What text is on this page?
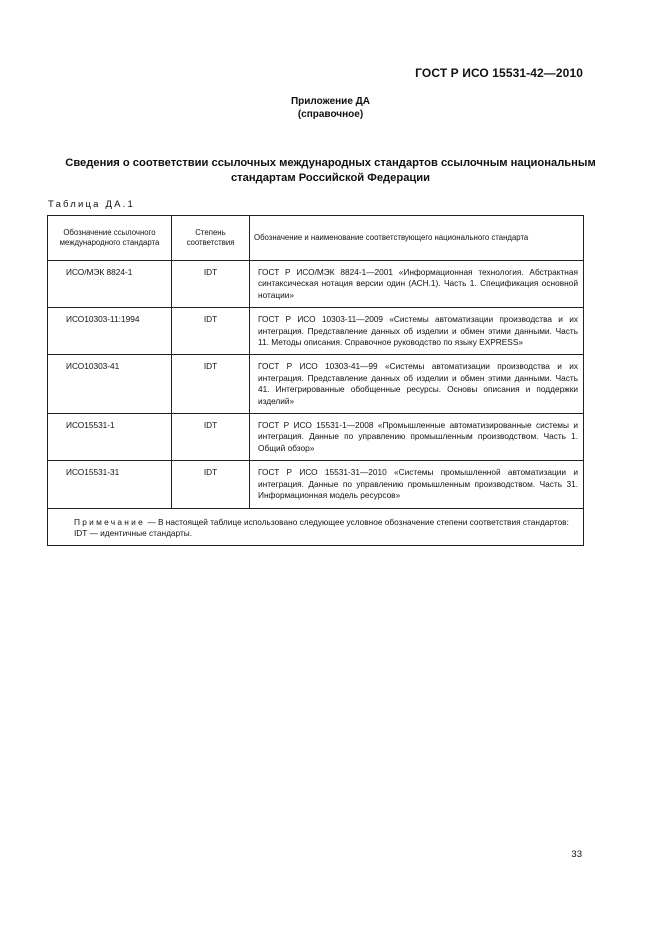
ГОСТ Р ИСО 15531-42—2010
Приложение ДА
(справочное)
Сведения о соответствии ссылочных международных стандартов ссылочным национальным
стандартам Российской Федерации
Таблица ДА.1
Обозначение ссылочного международного стандарта	Степень соответствия	Обозначение и наименование соответствующего национального стандарта
ИСО/МЭК 8824-1	IDT	ГОСТ Р ИСО/МЭК 8824-1—2001 «Информационная технология. Абстрактная синтаксическая нотация версии один (АСН.1). Часть 1. Спецификация основной нотации»
ИСО10303-11:1994	IDT	ГОСТ Р ИСО 10303-11—2009 «Системы автоматизации производства и их интеграция. Представление данных об изделии и обмен этими данными. Часть 11. Методы описания. Справочное руководство по языку EXPRESS»
ИСО10303-41	IDT	ГОСТ Р ИСО 10303-41—99 «Системы автоматизации производства и их интеграция. Представление данных об изделии и обмен этими данными. Часть 41. Интегрированные обобщенные ресурсы. Основы описания и поддержки изделий»
ИСО15531-1	IDT	ГОСТ Р ИСО 15531-1—2008 «Промышленные автоматизированные системы и интеграция. Данные по управлению промышленным производством. Часть 1. Общий обзор»
ИСО15531-31	IDT	ГОСТ Р ИСО 15531-31—2010 «Системы промышленной автоматизации и интеграция. Данные по управлению промышленным производством. Часть 31. Информационная модель ресурсов»

Примечание — В настоящей таблице использовано следующее условное обозначение степени соответствия стандартов:
IDT — идентичные стандарты.		
33
